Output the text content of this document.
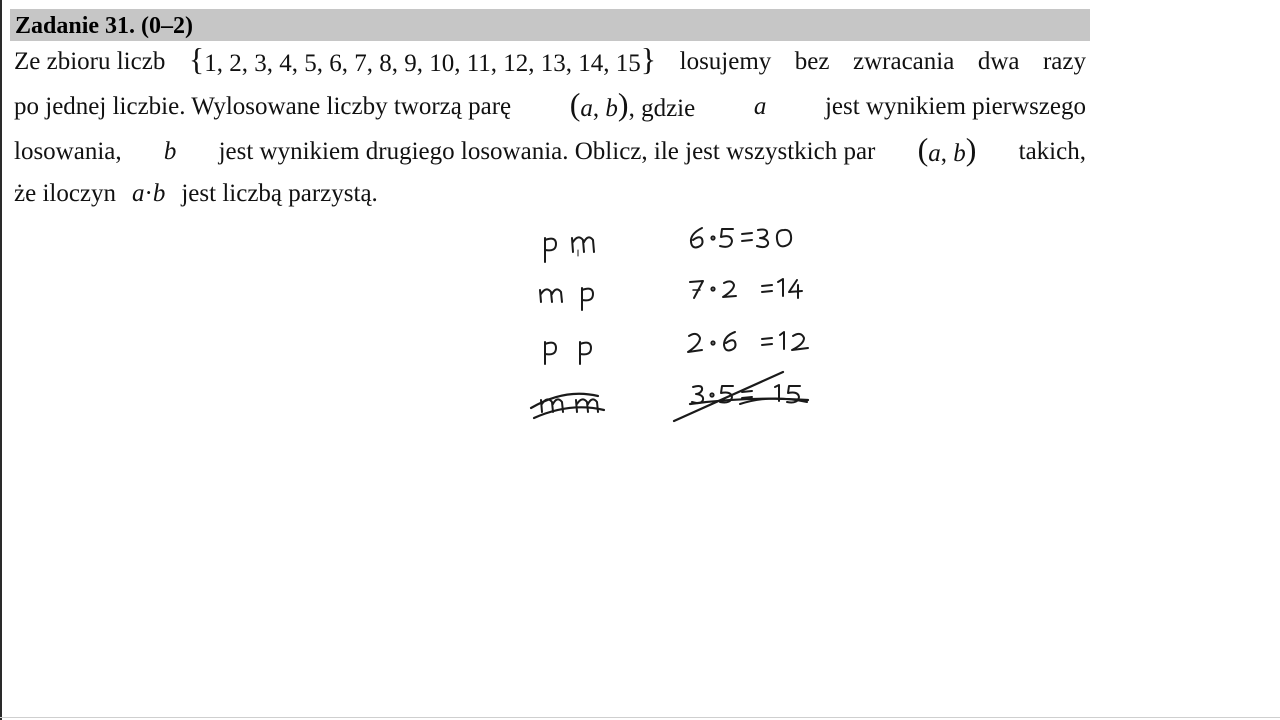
Zadanie 31. (0–2)
Ze zbioru liczb {1, 2, 3, 4, 5, 6, 7, 8, 9, 10, 11, 12, 13, 14, 15} losujemy bez zwracania dwa razy
po jednej liczbie. Wylosowane liczby tworzą parę (a, b), gdzie a jest wynikiem pierwszego
losowania, b jest wynikiem drugiego losowania. Oblicz, ile jest wszystkich par (a, b) takich,
że iloczyn a · b jest liczbą parzystą.
